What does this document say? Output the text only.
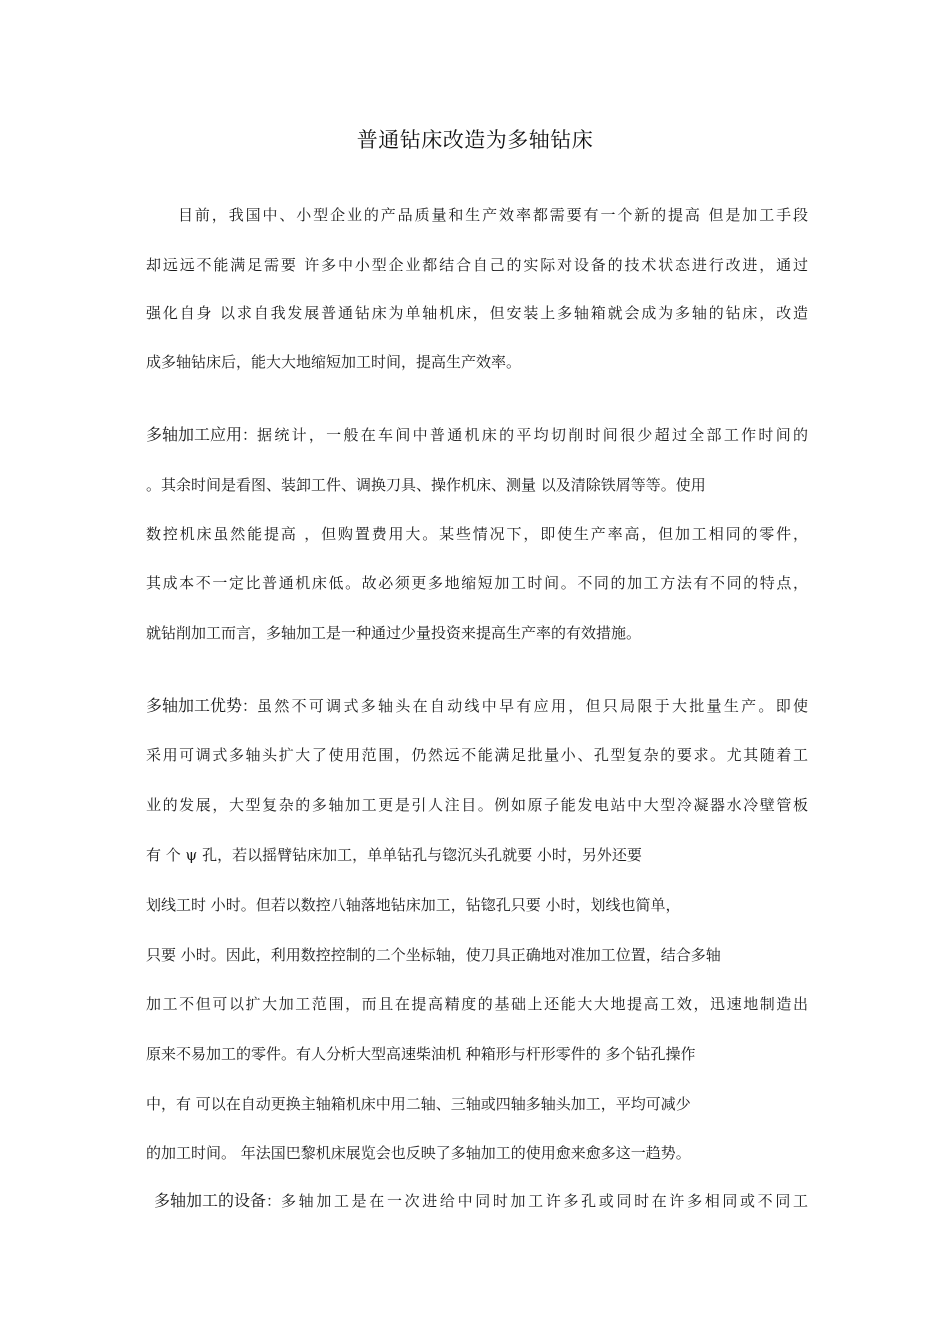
普通钻床改造为多轴钻床
目前，我国中、小型企业的产品质量和生产效率都需要有一个新的提高 但是加工手段
却远远不能满足需要 许多中小型企业都结合自己的实际对设备的技术状态进行改进，通过
强化自身 以求自我发展普通钻床为单轴机床，但安装上多轴箱就会成为多轴的钻床，改造
成多轴钻床后，能大大地缩短加工时间，提高生产效率。
多轴加工应用： 据统计，一般在车间中普通机床的平均切削时间很少超过全部工作时间的
。其余时间是看图、装卸工件、调换刀具、操作机床、测量 以及清除铁屑等等。使用
数控机床虽然能提高 ，但购置费用大。某些情况下，即使生产率高，但加工相同的零件，
其成本不一定比普通机床低。故必须更多地缩短加工时间。不同的加工方法有不同的特点，
就钻削加工而言，多轴加工是一种通过少量投资来提高生产率的有效措施。
多轴加工优势： 虽然不可调式多轴头在自动线中早有应用，但只局限于大批量生产。即使
采用可调式多轴头扩大了使用范围，仍然远不能满足批量小、孔型复杂的要求。尤其随着工
业的发展，大型复杂的多轴加工更是引人注目。例如原子能发电站中大型冷凝器水冷壁管板
有 个 ψ 孔，若以摇臂钻床加工，单单钻孔与锪沉头孔就要 小时，另外还要
划线工时 小时。但若以数控八轴落地钻床加工，钻锪孔只要 小时，划线也简单，
只要 小时。因此，利用数控控制的二个坐标轴，使刀具正确地对准加工位置，结合多轴
加工不但可以扩大加工范围，而且在提高精度的基础上还能大大地提高工效，迅速地制造出
原来不易加工的零件。有人分析大型高速柴油机 种箱形与杆形零件的 多个钻孔操作
中，有 可以在自动更换主轴箱机床中用二轴、三轴或四轴多轴头加工，平均可减少
的加工时间。 年法国巴黎机床展览会也反映了多轴加工的使用愈来愈多这一趋势。
多轴加工的设备： 多轴加工是在一次进给中同时加工许多孔或同时在许多相同或不同工
